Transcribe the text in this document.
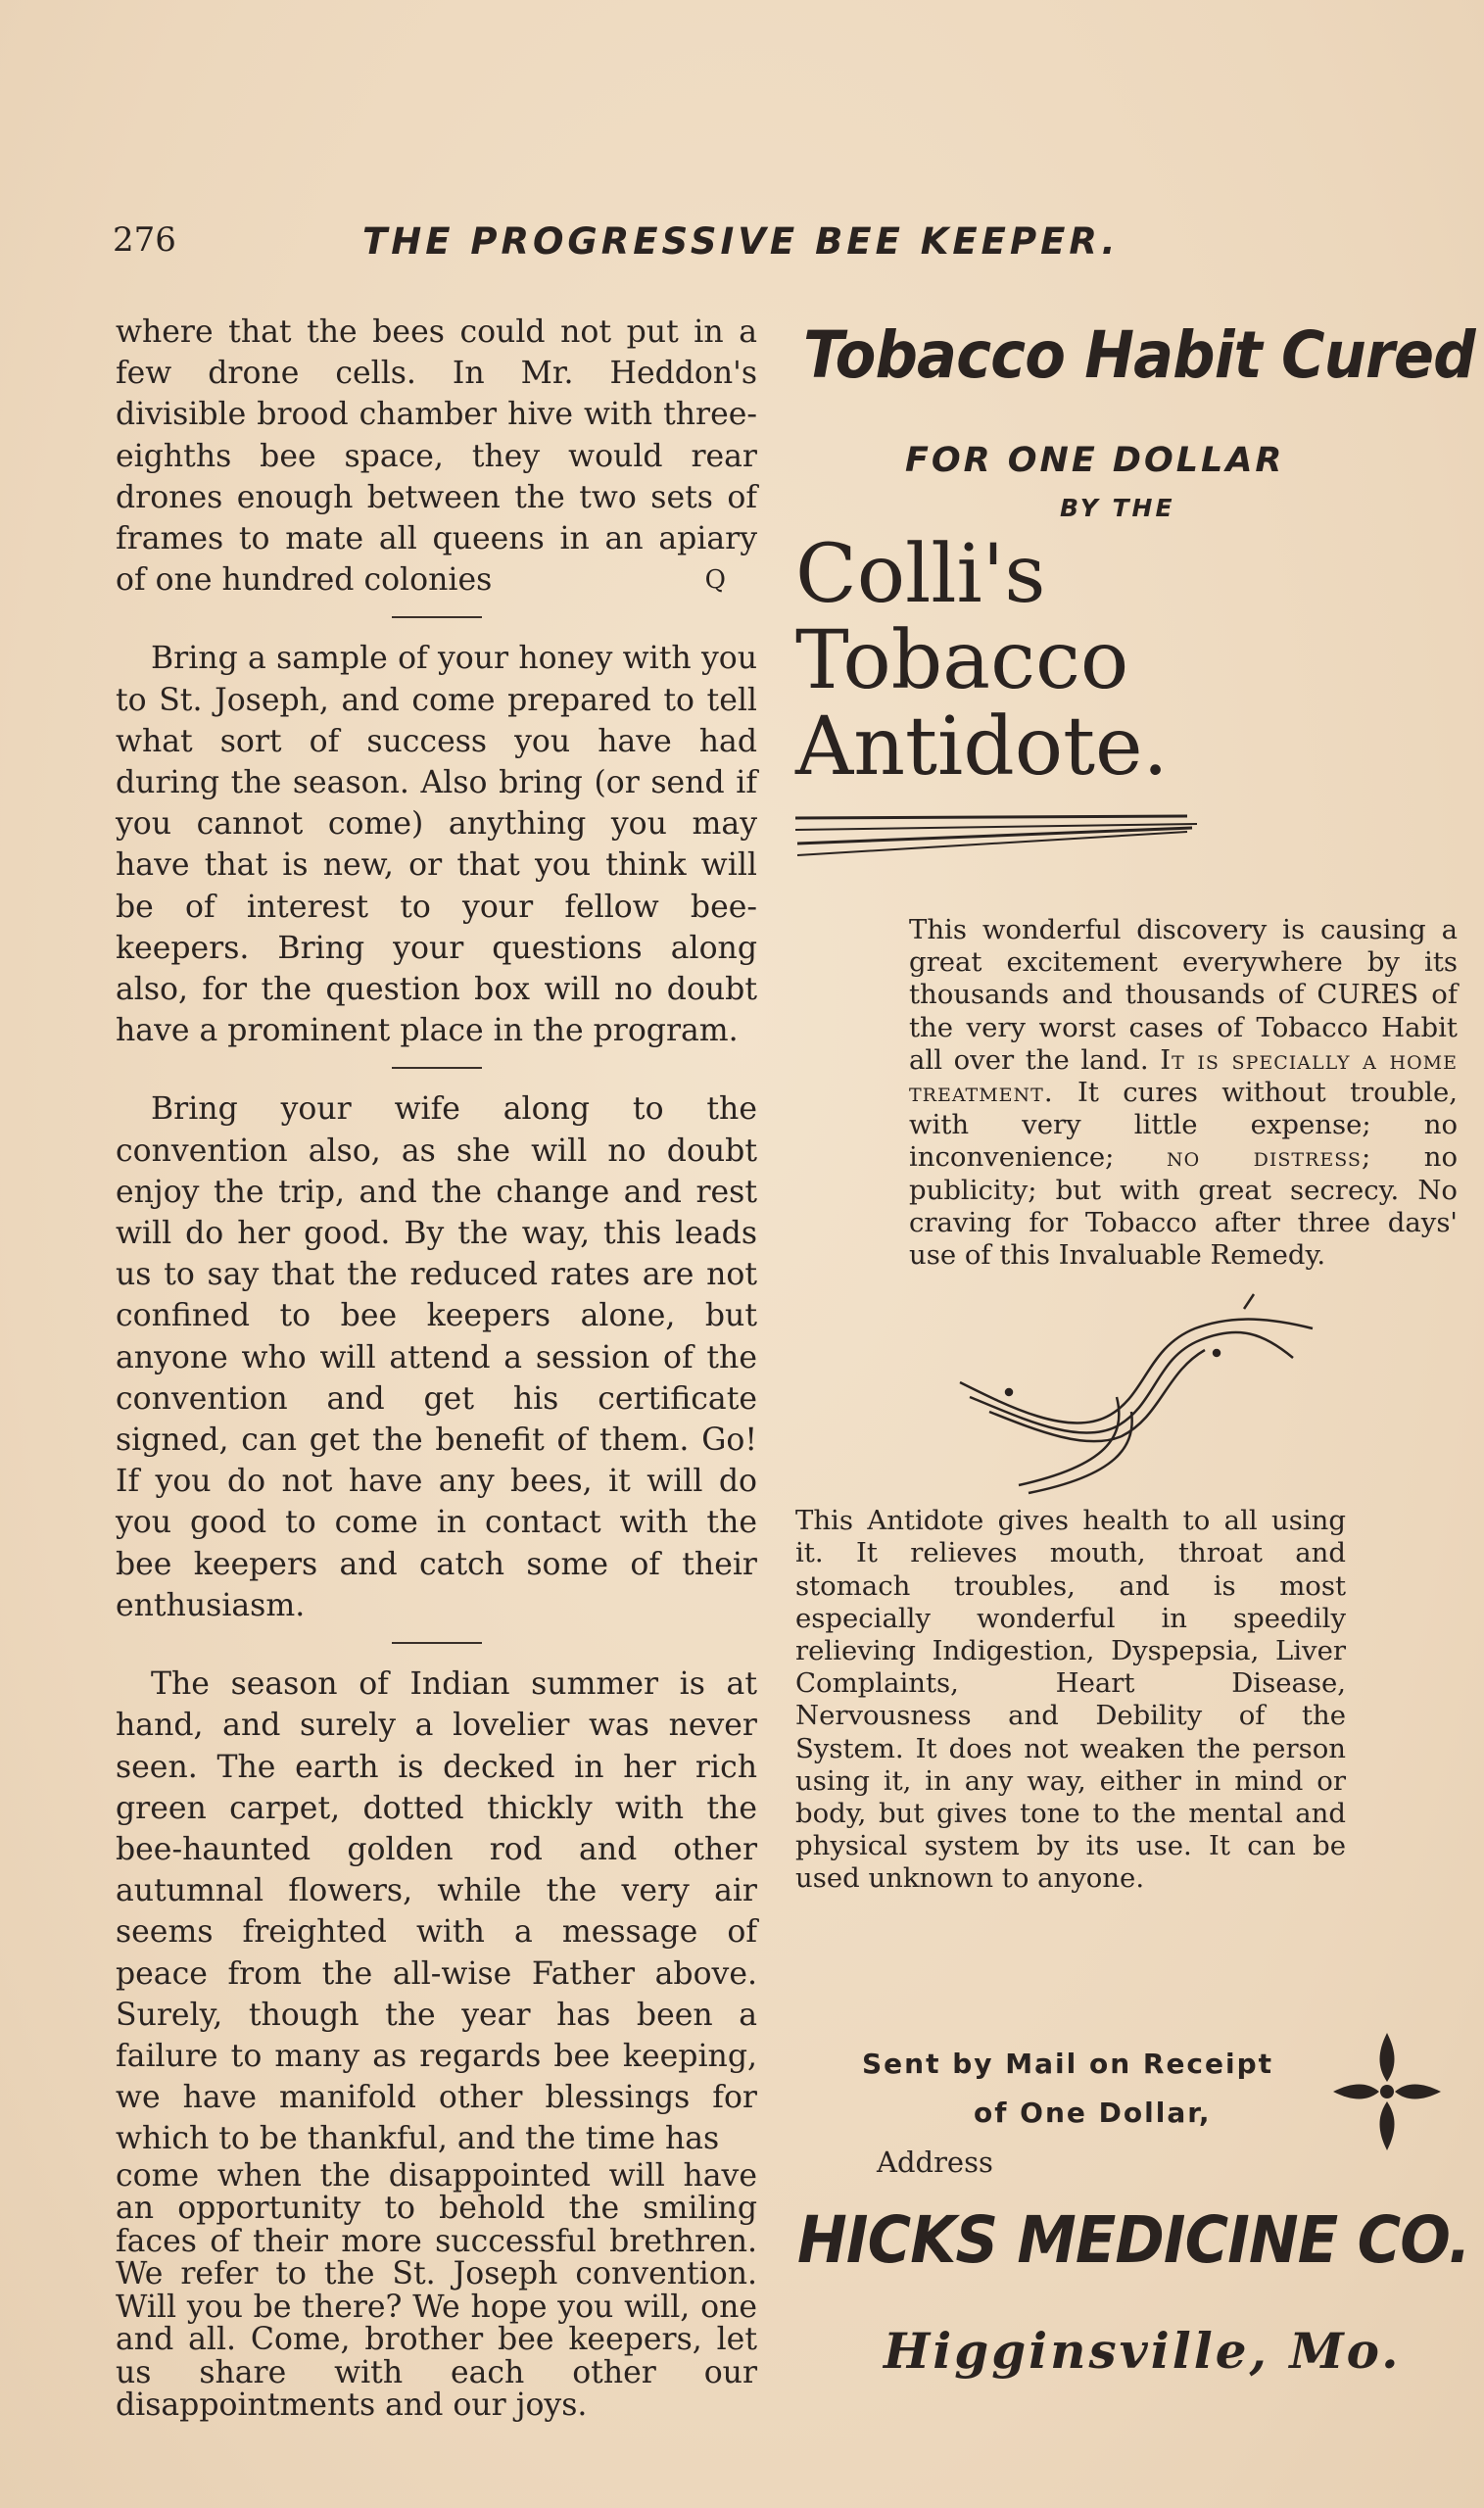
276	THE PROGRESSIVE BEE KEEPER.

where that the bees could not put in a few drone cells. In Mr. Heddon's divisible brood chamber hive with three-eighths bee space, they would rear drones enough between the two sets of frames to mate all queens in an apiary of one hundred colonies	Q

Bring a sample of your honey with you to St. Joseph, and come prepared to tell what sort of success you have had during the season. Also bring (or send if you cannot come) anything you may have that is new, or that you think will be of interest to your fellow bee-keepers. Bring your questions along also, for the question box will no doubt have a prominent place in the program.

Bring your wife along to the convention also, as she will no doubt enjoy the trip, and the change and rest will do her good. By the way, this leads us to say that the reduced rates are not confined to bee keepers alone, but anyone who will attend a session of the convention and get his certificate signed, can get the benefit of them. Go! If you do not have any bees, it will do you good to come in contact with the bee keepers and catch some of their enthusiasm.

The season of Indian summer is at hand, and surely a lovelier was never seen. The earth is decked in her rich green carpet, dotted thickly with the bee-haunted golden rod and other autumnal flowers, while the very air seems freighted with a message of peace from the all-wise Father above. Surely, though the year has been a failure to many as regards bee keeping, we have manifold other blessings for which to be thankful, and the time has

come when the disappointed will have an opportunity to behold the smiling faces of their more successful brethren. We refer to the St. Joseph convention. Will you be there? We hope you will, one and all. Come, brother bee keepers, let us share with each other our disappointments and our joys.

Tobacco Habit Cured

FOR ONE DOLLAR
BY THE
Colli's
Tobacco
Antidote.
This wonderful discovery is causing a great excitement everywhere by its thousands and thousands of CURES of the very worst cases of Tobacco Habit all over the land. It is specially a home treatment. It cures without trouble, with very little expense; no inconvenience; no distress; no publicity; but with great secrecy. No craving for Tobacco after three days' use of this Invaluable Remedy.
This Antidote gives health to all using it. It relieves mouth, throat and stomach troubles, and is most especially wonderful in speedily relieving Indigestion, Dyspepsia, Liver Complaints, Heart Disease, Nervousness and Debility of the System. It does not weaken the person using it, in any way, either in mind or body, but gives tone to the mental and physical system by its use. It can be used unknown to anyone.
Sent by Mail on Receipt
of One Dollar,
Address
HICKS MEDICINE CO.
Higginsville, Mo.
